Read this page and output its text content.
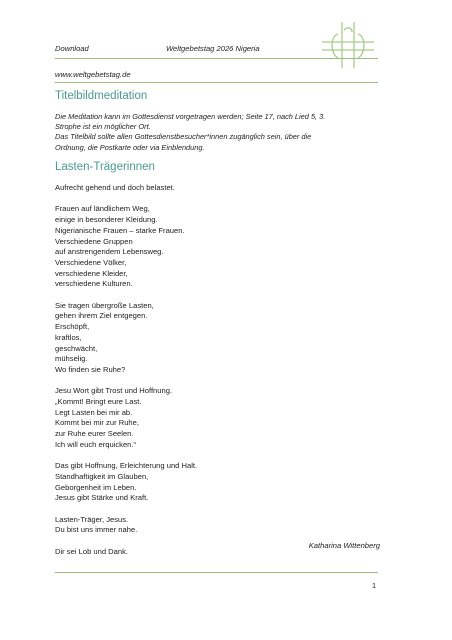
Download	Weltgebetstag 2026 Nigeria
www.weltgebetstag.de
Titelbildmeditation
Die Meditation kann im Gottesdienst vorgetragen werden; Seite 17, nach Lied 5, 3.
Strophe ist ein möglicher Ort.
Das Titelbild sollte allen Gottesdienstbesucher*innen zugänglich sein, über die
Ordnung, die Postkarte oder via Einblendung.
Lasten-Trägerinnen
Aufrecht gehend und doch belastet.
Frauen auf ländlichem Weg,
einige in besonderer Kleidung.
Nigerianische Frauen – starke Frauen.
Verschiedene Gruppen
auf anstrengendem Lebensweg.
Verschiedene Völker,
verschiedene Kleider,
verschiedene Kulturen.
Sie tragen übergroße Lasten,
gehen ihrem Ziel entgegen.
Erschöpft,
kraftlos,
geschwächt,
mühselig.
Wo finden sie Ruhe?
Jesu Wort gibt Trost und Hoffnung.
„Kommt! Bringt eure Last.
Legt Lasten bei mir ab.
Kommt bei mir zur Ruhe,
zur Ruhe eurer Seelen.
Ich will euch erquicken.“
Das gibt Hoffnung, Erleichterung und Halt.
Standhaftigkeit im Glauben,
Geborgenheit im Leben.
Jesus gibt Stärke und Kraft.
Lasten-Träger, Jesus.
Du bist uns immer nahe.
Dir sei Lob und Dank.
Katharina Wittenberg
1
